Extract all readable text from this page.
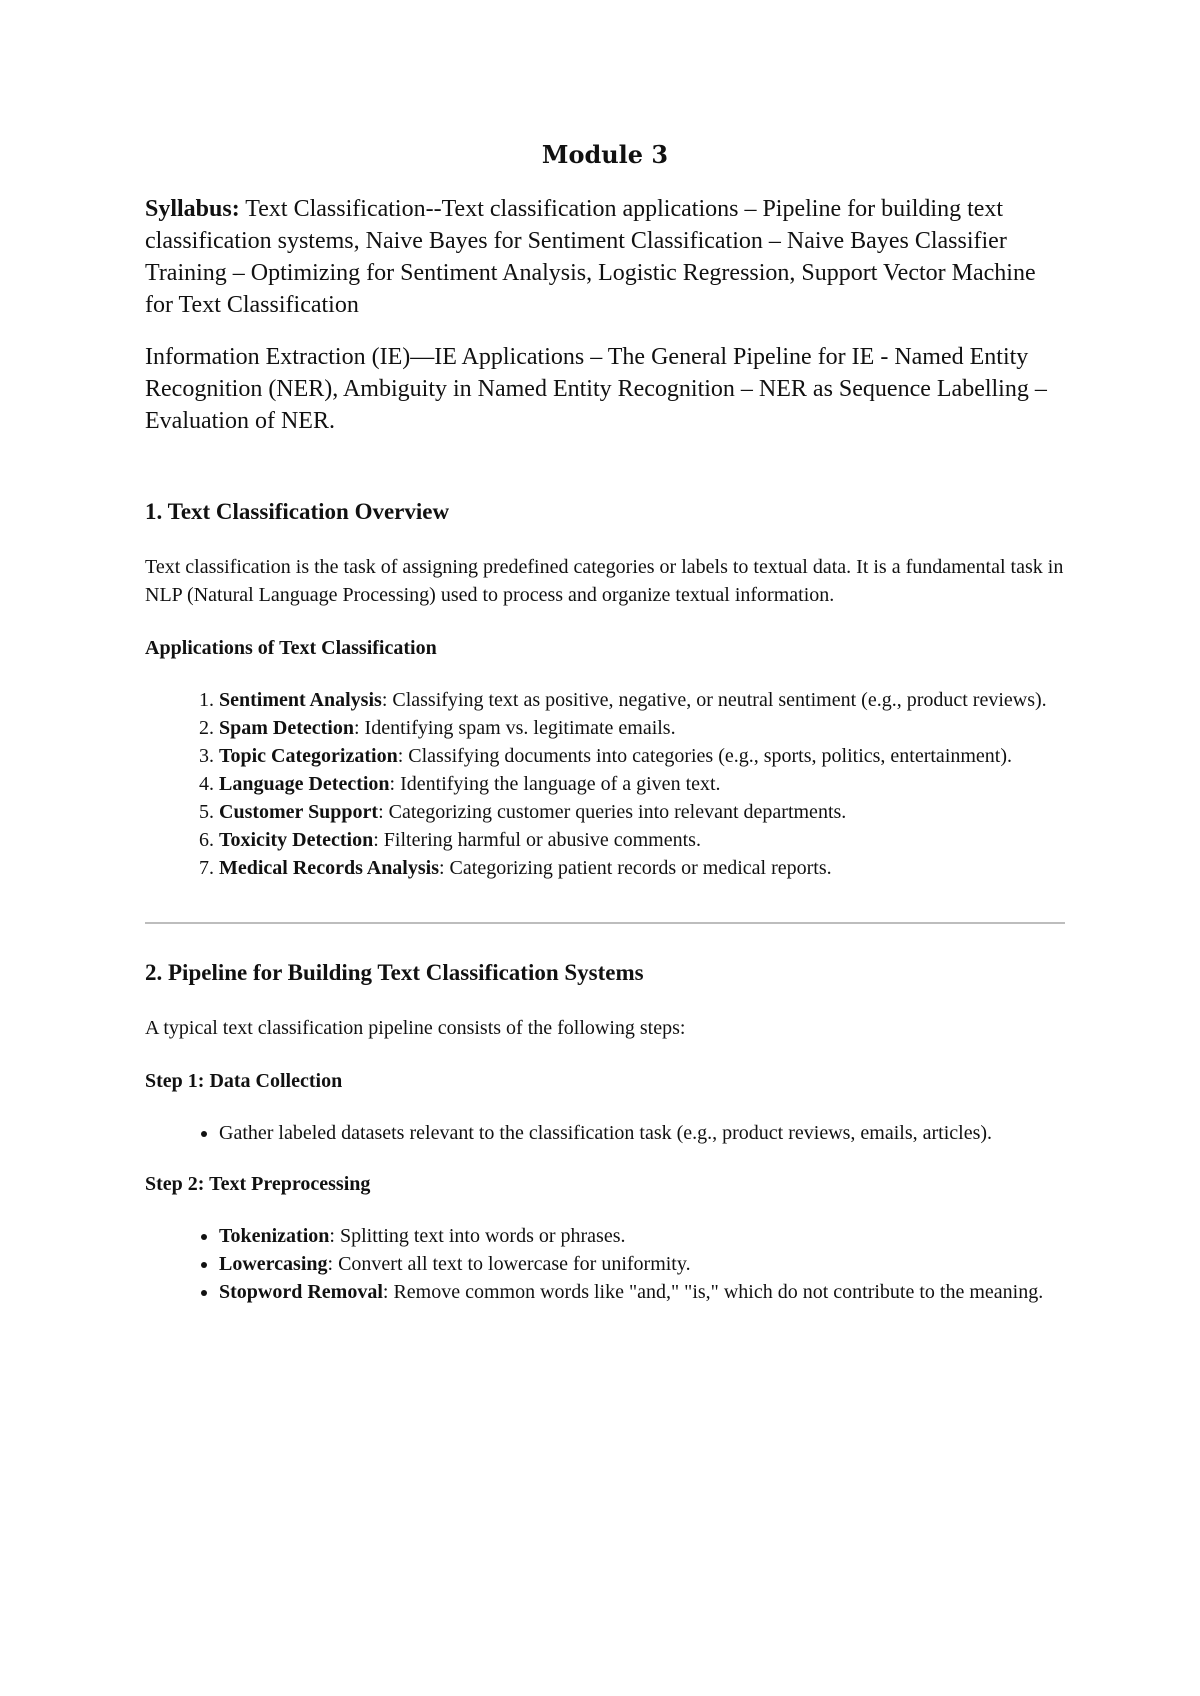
Module 3

Syllabus: Text Classification--Text classification applications – Pipeline for building text classification systems, Naive Bayes for Sentiment Classification – Naive Bayes Classifier Training – Optimizing for Sentiment Analysis, Logistic Regression, Support Vector Machine for Text Classification

Information Extraction (IE)—IE Applications – The General Pipeline for IE - Named Entity Recognition (NER), Ambiguity in Named Entity Recognition – NER as Sequence Labelling – Evaluation of NER.

1. Text Classification Overview

Text classification is the task of assigning predefined categories or labels to textual data. It is a fundamental task in NLP (Natural Language Processing) used to process and organize textual information.

Applications of Text Classification
1. Sentiment Analysis: Classifying text as positive, negative, or neutral sentiment (e.g., product reviews).
2. Spam Detection: Identifying spam vs. legitimate emails.
3. Topic Categorization: Classifying documents into categories (e.g., sports, politics, entertainment).
4. Language Detection: Identifying the language of a given text.
5. Customer Support: Categorizing customer queries into relevant departments.
6. Toxicity Detection: Filtering harmful or abusive comments.
7. Medical Records Analysis: Categorizing patient records or medical reports.
2. Pipeline for Building Text Classification Systems

A typical text classification pipeline consists of the following steps:

Step 1: Data Collection
• Gather labeled datasets relevant to the classification task (e.g., product reviews, emails, articles).
Step 2: Text Preprocessing
• Tokenization: Splitting text into words or phrases.
• Lowercasing: Convert all text to lowercase for uniformity.
• Stopword Removal: Remove common words like "and," "is," which do not contribute to the meaning.
